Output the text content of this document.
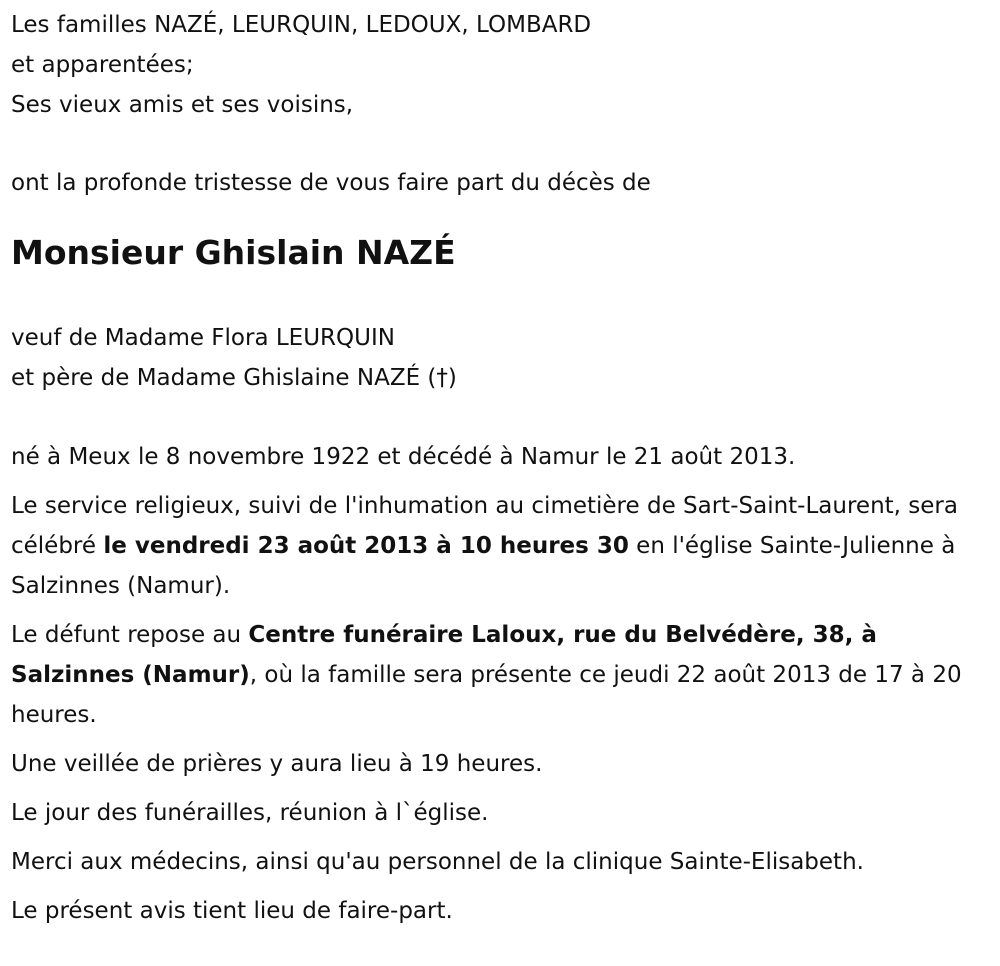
Les familles NAZÉ, LEURQUIN, LEDOUX, LOMBARD

et apparentées;

Ses vieux amis et ses voisins,

ont la profonde tristesse de vous faire part du décès de

Monsieur Ghislain NAZÉ

veuf de Madame Flora LEURQUIN

et père de Madame Ghislaine NAZÉ (†)

né à Meux le 8 novembre 1922 et décédé à Namur le 21 août 2013.

Le service religieux, suivi de l'inhumation au cimetière de Sart-Saint-Laurent, sera célébré le vendredi 23 août 2013 à 10 heures 30 en l'église Sainte-Julienne à Salzinnes (Namur).

Le défunt repose au Centre funéraire Laloux, rue du Belvédère, 38, à Salzinnes (Namur), où la famille sera présente ce jeudi 22 août 2013 de 17 à 20 heures.

Une veillée de prières y aura lieu à 19 heures.

Le jour des funérailles, réunion à l`église.

Merci aux médecins, ainsi qu'au personnel de la clinique Sainte-Elisabeth.

Le présent avis tient lieu de faire-part.
